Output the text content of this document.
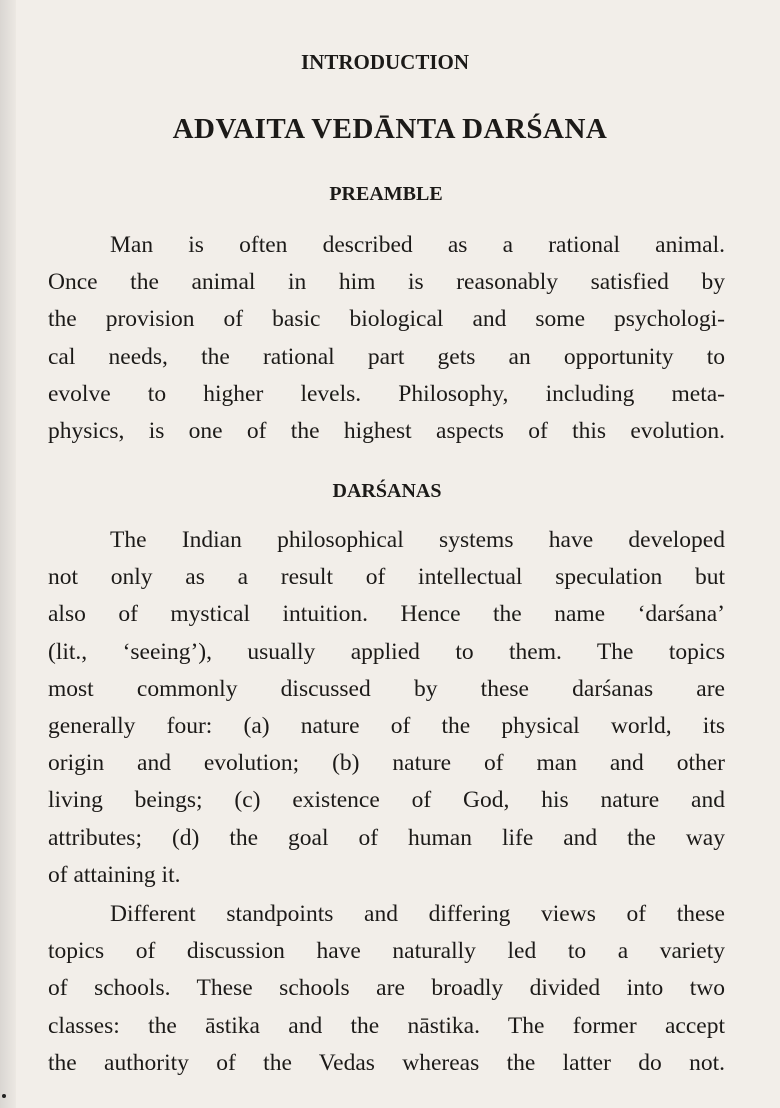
INTRODUCTION
ADVAITA VEDĀNTA DARŚANA
PREAMBLE
DARŚANAS
Man is often described as a rational animal.
Once the animal in him is reasonably satisfied by
the provision of basic biological and some psychologi-
cal needs, the rational part gets an opportunity to
evolve to higher levels. Philosophy, including meta-
physics, is one of the highest aspects of this evolution.
The Indian philosophical systems have developed
not only as a result of intellectual speculation but
also of mystical intuition. Hence the name ‘darśana’
(lit., ‘seeing’), usually applied to them. The topics
most commonly discussed by these darśanas are
generally four: (a) nature of the physical world, its
origin and evolution; (b) nature of man and other
living beings; (c) existence of God, his nature and
attributes; (d) the goal of human life and the way
of attaining it.
Different standpoints and differing views of these
topics of discussion have naturally led to a variety
of schools. These schools are broadly divided into two
classes: the āstika and the nāstika. The former accept
the authority of the Vedas whereas the latter do not.
